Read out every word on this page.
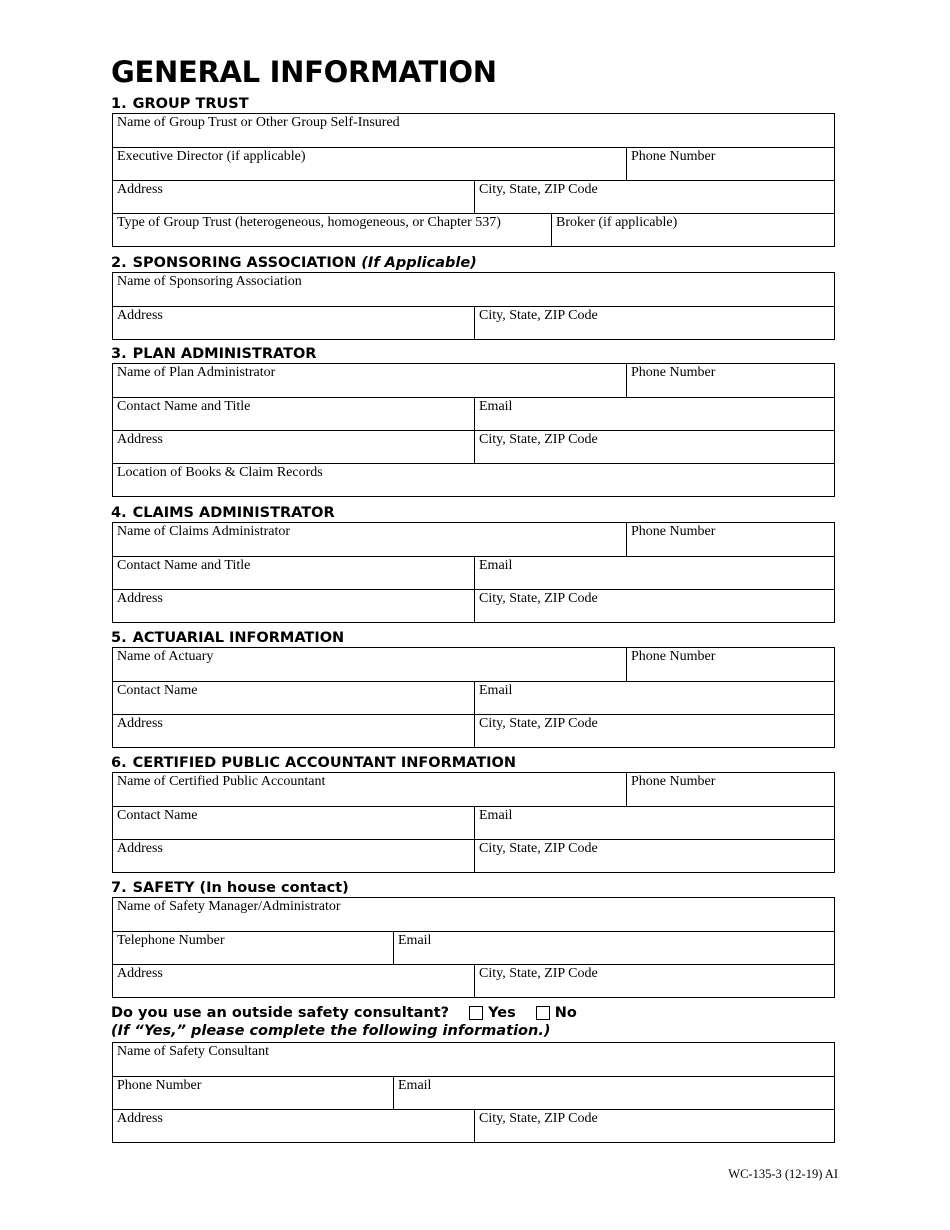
GENERAL INFORMATION
1. GROUP TRUST
Name of Group Trust or Other Group Self-Insured
Executive Director (if applicable)	Phone Number
Address	City, State, ZIP Code
Type of Group Trust (heterogeneous, homogeneous, or Chapter 537)	Broker (if applicable)
2. SPONSORING ASSOCIATION (If Applicable)
Name of Sponsoring Association
Address	City, State, ZIP Code
3. PLAN ADMINISTRATOR
Name of Plan Administrator	Phone Number
Contact Name and Title	Email
Address	City, State, ZIP Code
Location of Books & Claim Records
4. CLAIMS ADMINISTRATOR
Name of Claims Administrator	Phone Number
Contact Name and Title	Email
Address	City, State, ZIP Code
5. ACTUARIAL INFORMATION
Name of Actuary	Phone Number
Contact Name	Email
Address	City, State, ZIP Code
6. CERTIFIED PUBLIC ACCOUNTANT INFORMATION
Name of Certified Public Accountant	Phone Number
Contact Name	Email
Address	City, State, ZIP Code
7. SAFETY (In house contact)
Name of Safety Manager/Administrator
Telephone Number	Email
Address	City, State, ZIP Code
Do you use an outside safety consultant?	Yes	No
(If “Yes,” please complete the following information.)
Name of Safety Consultant
Phone Number	Email
Address	City, State, ZIP Code
WC-135-3 (12-19) AI
